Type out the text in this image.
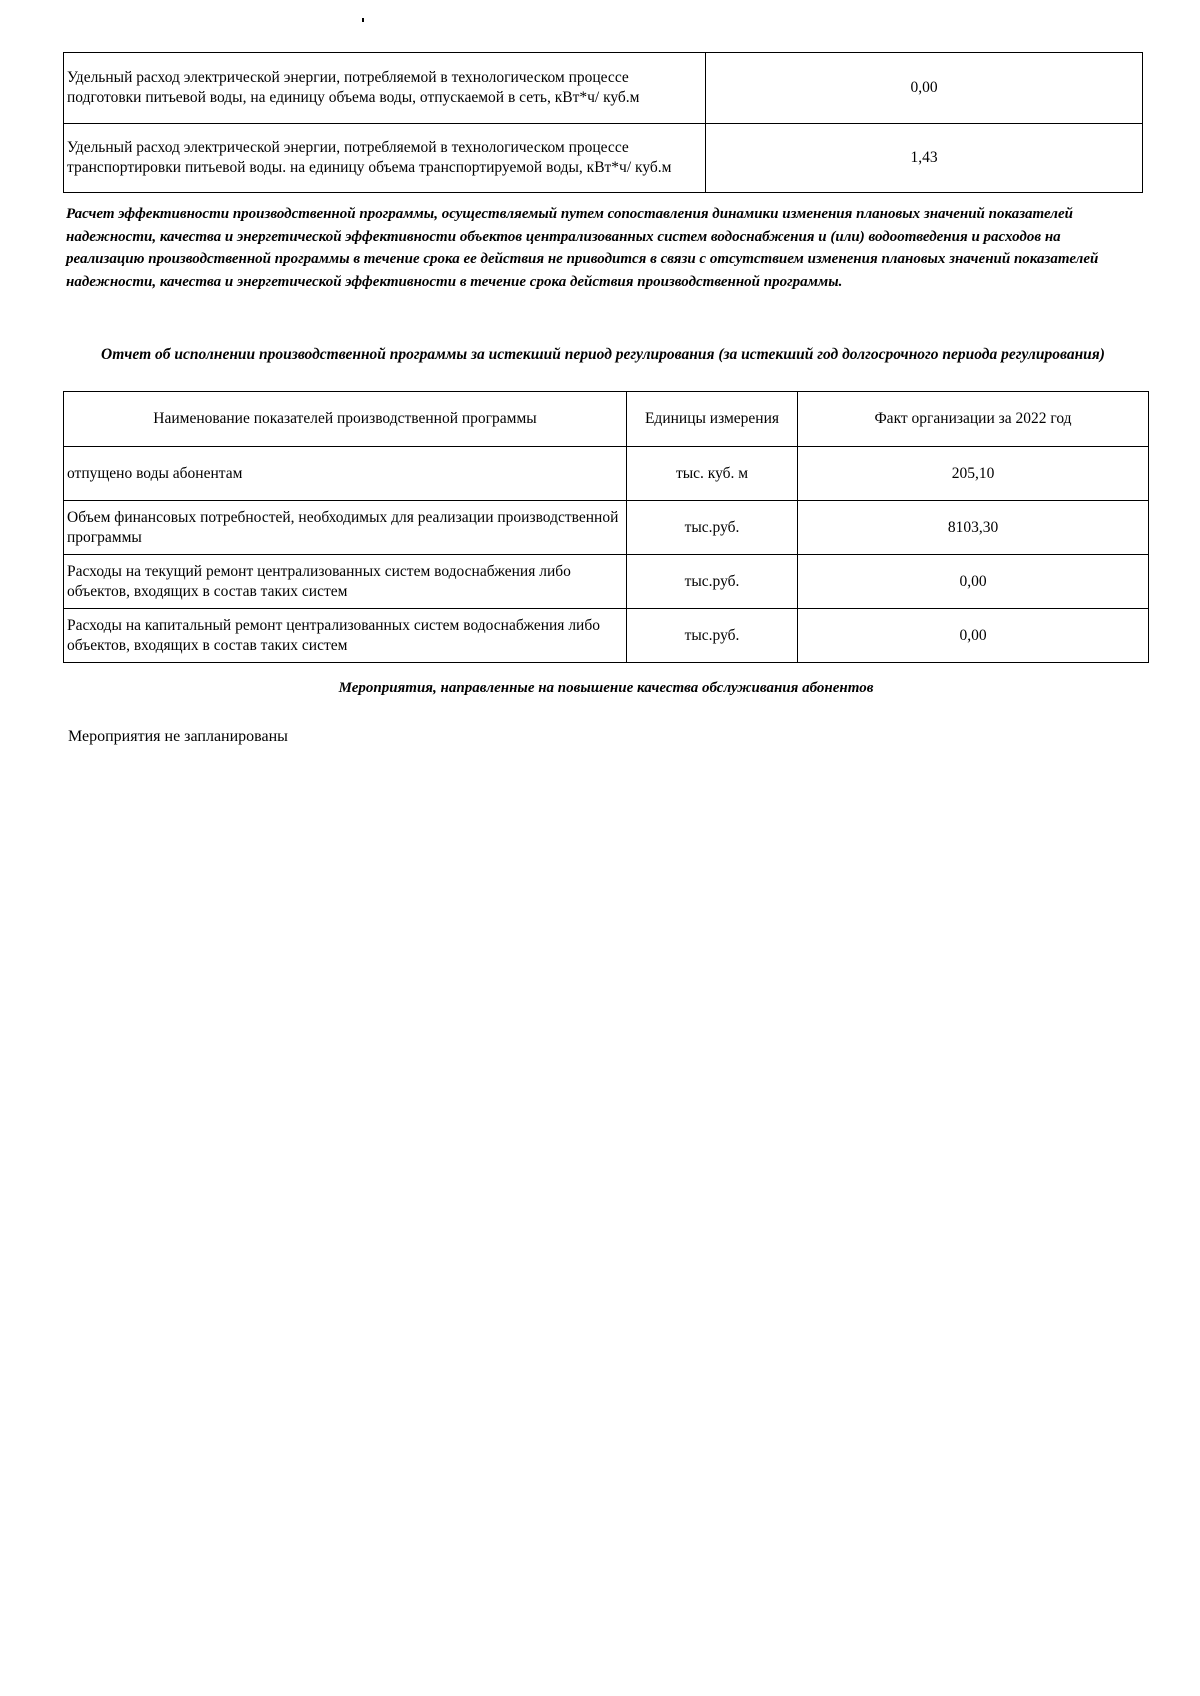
Удельный расход электрической энергии, потребляемой в технологическом процессе подготовки питьевой воды, на единицу объема воды, отпускаемой в сеть, кВт*ч/ куб.м	0,00
Удельный расход электрической энергии, потребляемой в технологическом процессе транспортировки питьевой воды. на единицу объема транспортируемой воды, кВт*ч/ куб.м	1,43
Расчет эффективности производственной программы, осуществляемый путем сопоставления динамики изменения плановых значений показателей надежности, качества и энергетической эффективности объектов централизованных систем водоснабжения и (или) водоотведения и расходов на реализацию производственной программы в течение срока ее действия не приводится в связи с отсутствием изменения плановых значений показателей надежности, качества и энергетической эффективности в течение срока действия производственной программы.
Отчет об исполнении производственной программы за истекший период регулирования (за истекший год долгосрочного периода регулирования)
Наименование показателей производственной программы	Единицы измерения	Факт организации за 2022 год
отпущено воды абонентам	тыс. куб. м	205,10
Объем финансовых потребностей, необходимых для реализации производственной программы	тыс.руб.	8103,30
Расходы на текущий ремонт централизованных систем водоснабжения либо объектов, входящих в состав таких систем	тыс.руб.	0,00
Расходы на капитальный ремонт централизованных систем водоснабжения либо объектов, входящих в состав таких систем	тыс.руб.	0,00
Мероприятия, направленные на повышение качества обслуживания абонентов
Мероприятия не запланированы
